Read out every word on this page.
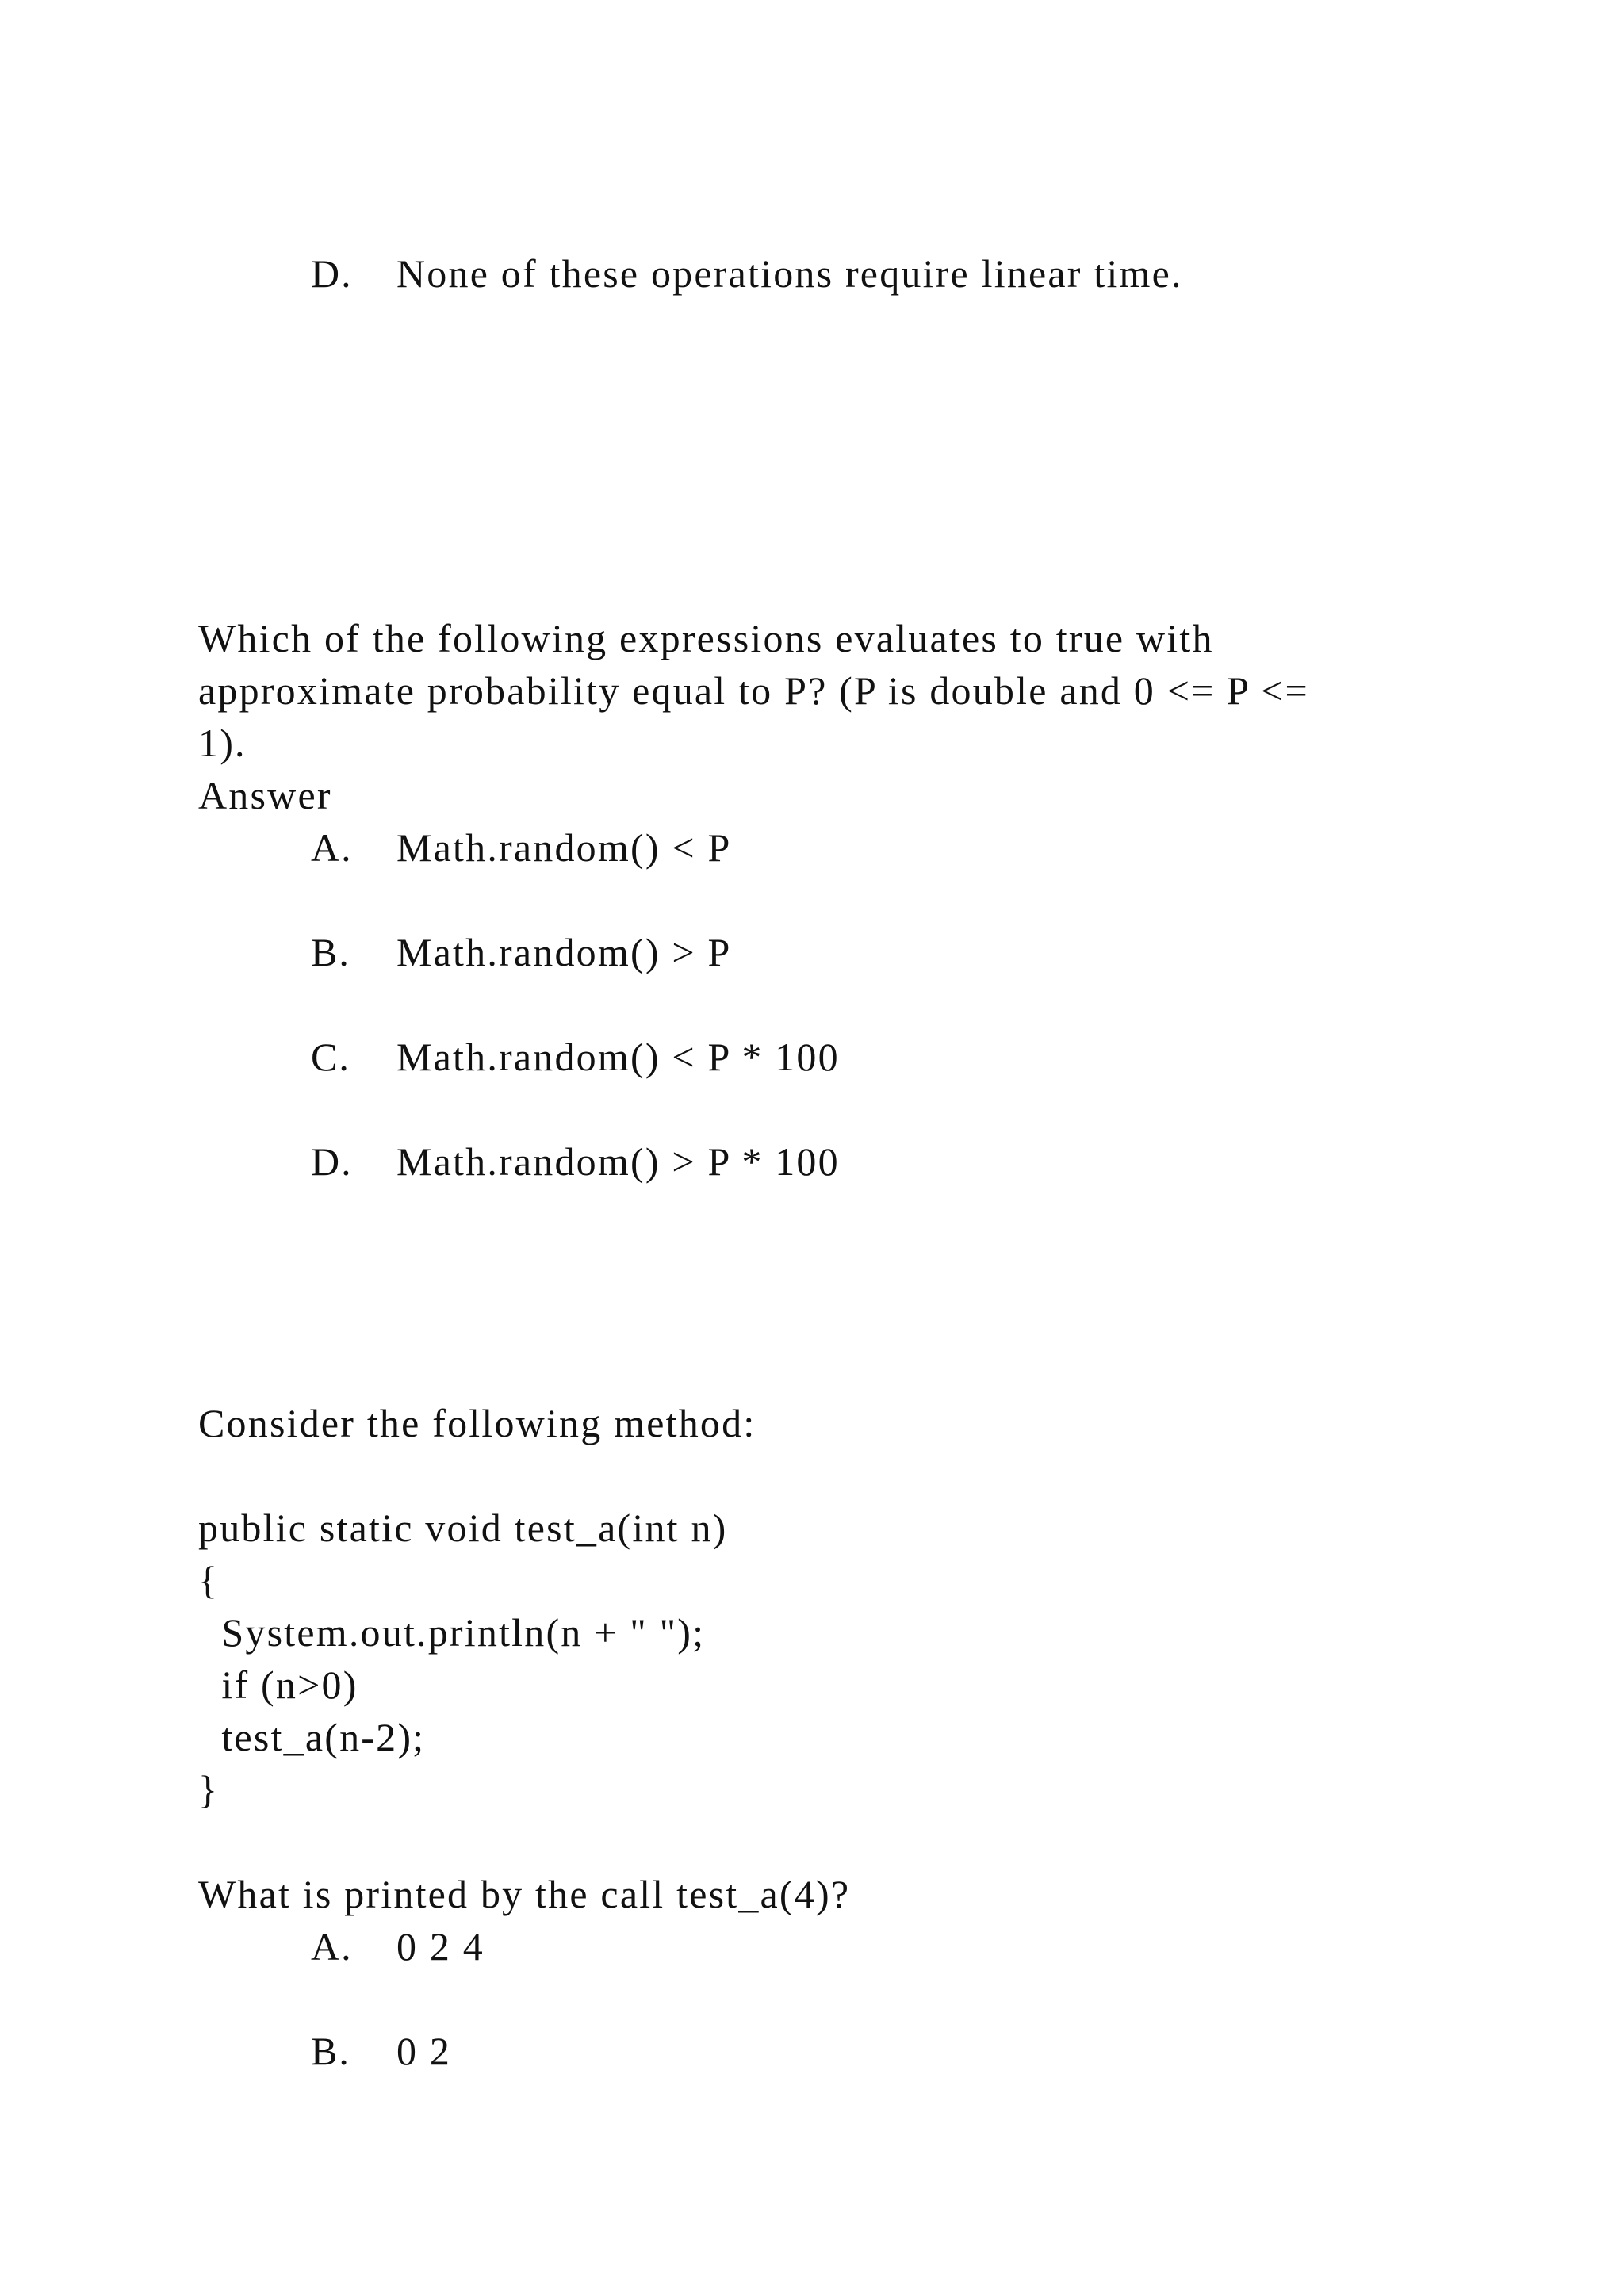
D. None of these operations require linear time.
Which of the following expressions evaluates to true with
approximate probability equal to P? (P is double and 0 <= P <=
1).
Answer
A. Math.random() < P
B. Math.random() > P
C. Math.random() < P * 100
D. Math.random() > P * 100
Consider the following method:
public static void test_a(int n)
{
System.out.println(n + " ");
if (n>0)
test_a(n-2);
}
What is printed by the call test_a(4)?
A. 0 2 4
B. 0 2
